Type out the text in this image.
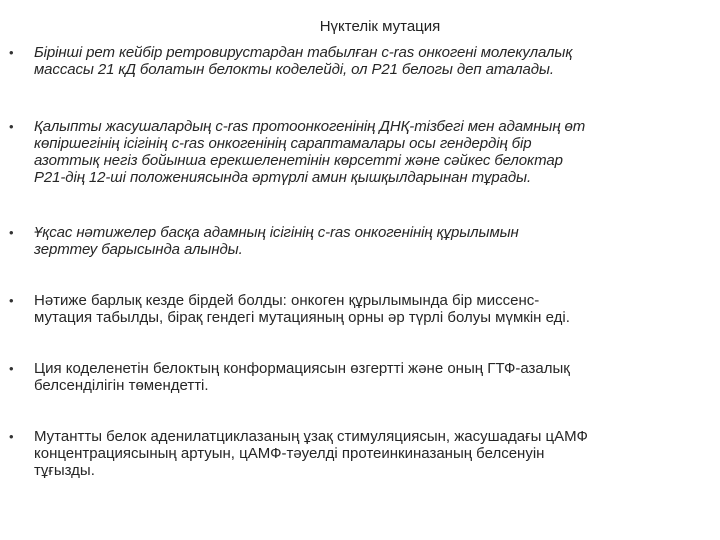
Нүктелік мутация
• Бірінші рет кейбір ретровирустардан табылған c-ras онкогені молекулалық
массасы 21 кД болатын белокты коделейді, ол Р21 белогы деп аталады.
• Қалыпты жасушалардың c-ras протоонкогенінің ДНҚ-тізбегі мен адамның өт
көпіршегінің ісігінің c-ras онкогенінің сараптамалары осы гендердің бір
азоттық негіз бойынша ерекшеленетінін көрсетті және сәйкес белоктар
Р21-дің 12-ші положениясында әртүрлі амин қышқылдарынан тұрады.
• Ұқсас нәтижелер басқа адамның ісігінің c-ras онкогенінің құрылымын
зерттеу барысында алынды.
• Нәтиже барлық кезде бірдей болды: онкоген құрылымында бір миссенс-
мутация табылды, бірақ гендегі мутацияның орны әр түрлі болуы мүмкін еді.
• Ция коделенетін белоктың конформациясын өзгертті және оның ГТФ-азалық
белсенділігін төмендетті.
• Мутантты белок аденилатциклазаның ұзақ стимуляциясын, жасушадағы цАМФ
концентрациясының артуын, цАМФ-тәуелді протеинкиназаның белсенуін
тұғызды.
